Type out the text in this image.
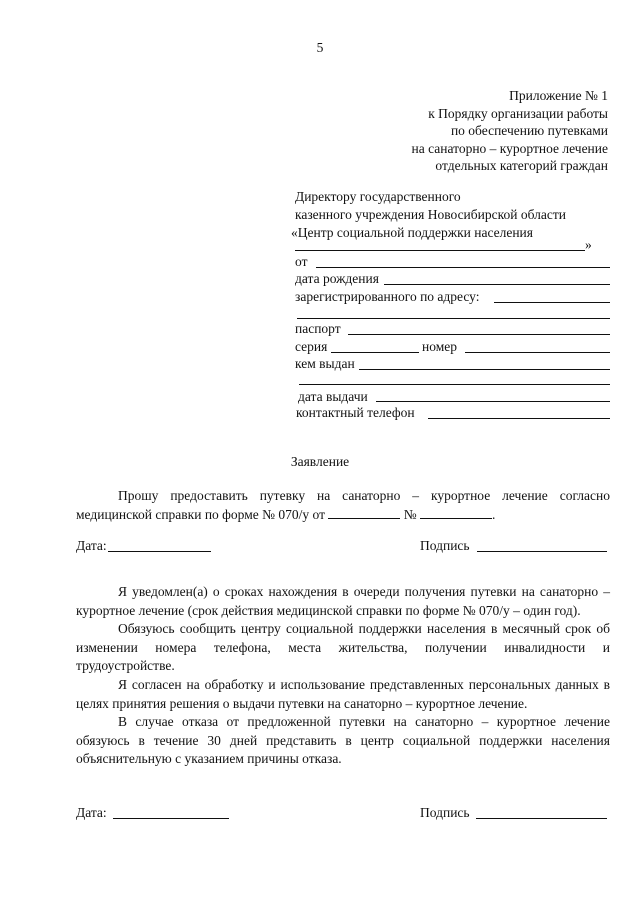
5
Приложение № 1
к Порядку организации работы
по обеспечению путевками
на санаторно – курортное лечение
отдельных категорий граждан
Директору государственного
казенного учреждения Новосибирской области
«Центр социальной поддержки населения
»
от
дата рождения
зарегистрированного по адресу:
паспорт
серия	номер
кем выдан
дата выдачи
контактный телефон
Заявление

Прошу предоставить путевку на санаторно – курортное лечение согласно медицинской справки по форме № 070/у от	№	.

Дата:	Подпись

Я уведомлен(а) о сроках нахождения в очереди получения путевки на санаторно – курортное лечение (срок действия медицинской справки по форме № 070/у – один год).

Обязуюсь сообщить центру социальной поддержки населения в месячный срок об изменении номера телефона, места жительства, получении инвалидности и трудоустройстве.

Я согласен на обработку и использование представленных персональных данных в целях принятия решения о выдачи путевки на санаторно – курортное лечение.

В случае отказа от предложенной путевки на санаторно – курортное лечение обязуюсь в течение 30 дней представить в центр социальной поддержки населения объяснительную с указанием причины отказа.

Дата:	Подпись
